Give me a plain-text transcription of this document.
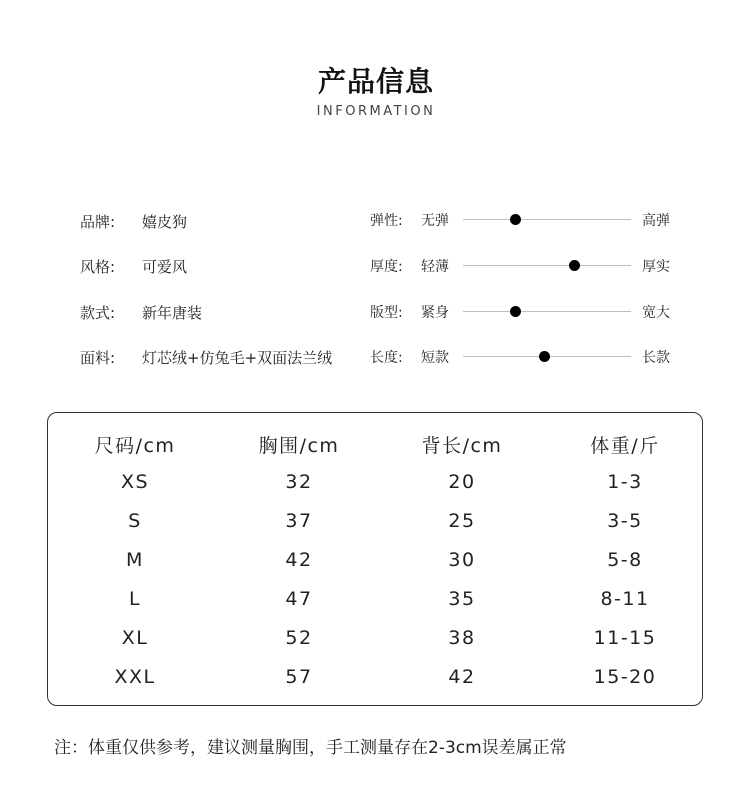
产品信息
INFORMATION
品牌: 嬉皮狗
风格: 可爱风
款式: 新年唐装
面料: 灯芯绒+仿兔毛+双面法兰绒
弹性: 无弹	高弹
厚度: 轻薄	厚实
版型: 紧身	宽大
长度: 短款	长款
尺码/cm	胸围/cm	背长/cm	体重/斤
XS	32	20	1-3
S	37	25	3-5
M	42	30	5-8
L	47	35	8-11
XL	52	38	11-15
XXL	57	42	15-20
注：体重仅供参考，建议测量胸围，手工测量存在2-3cm误差属正常
